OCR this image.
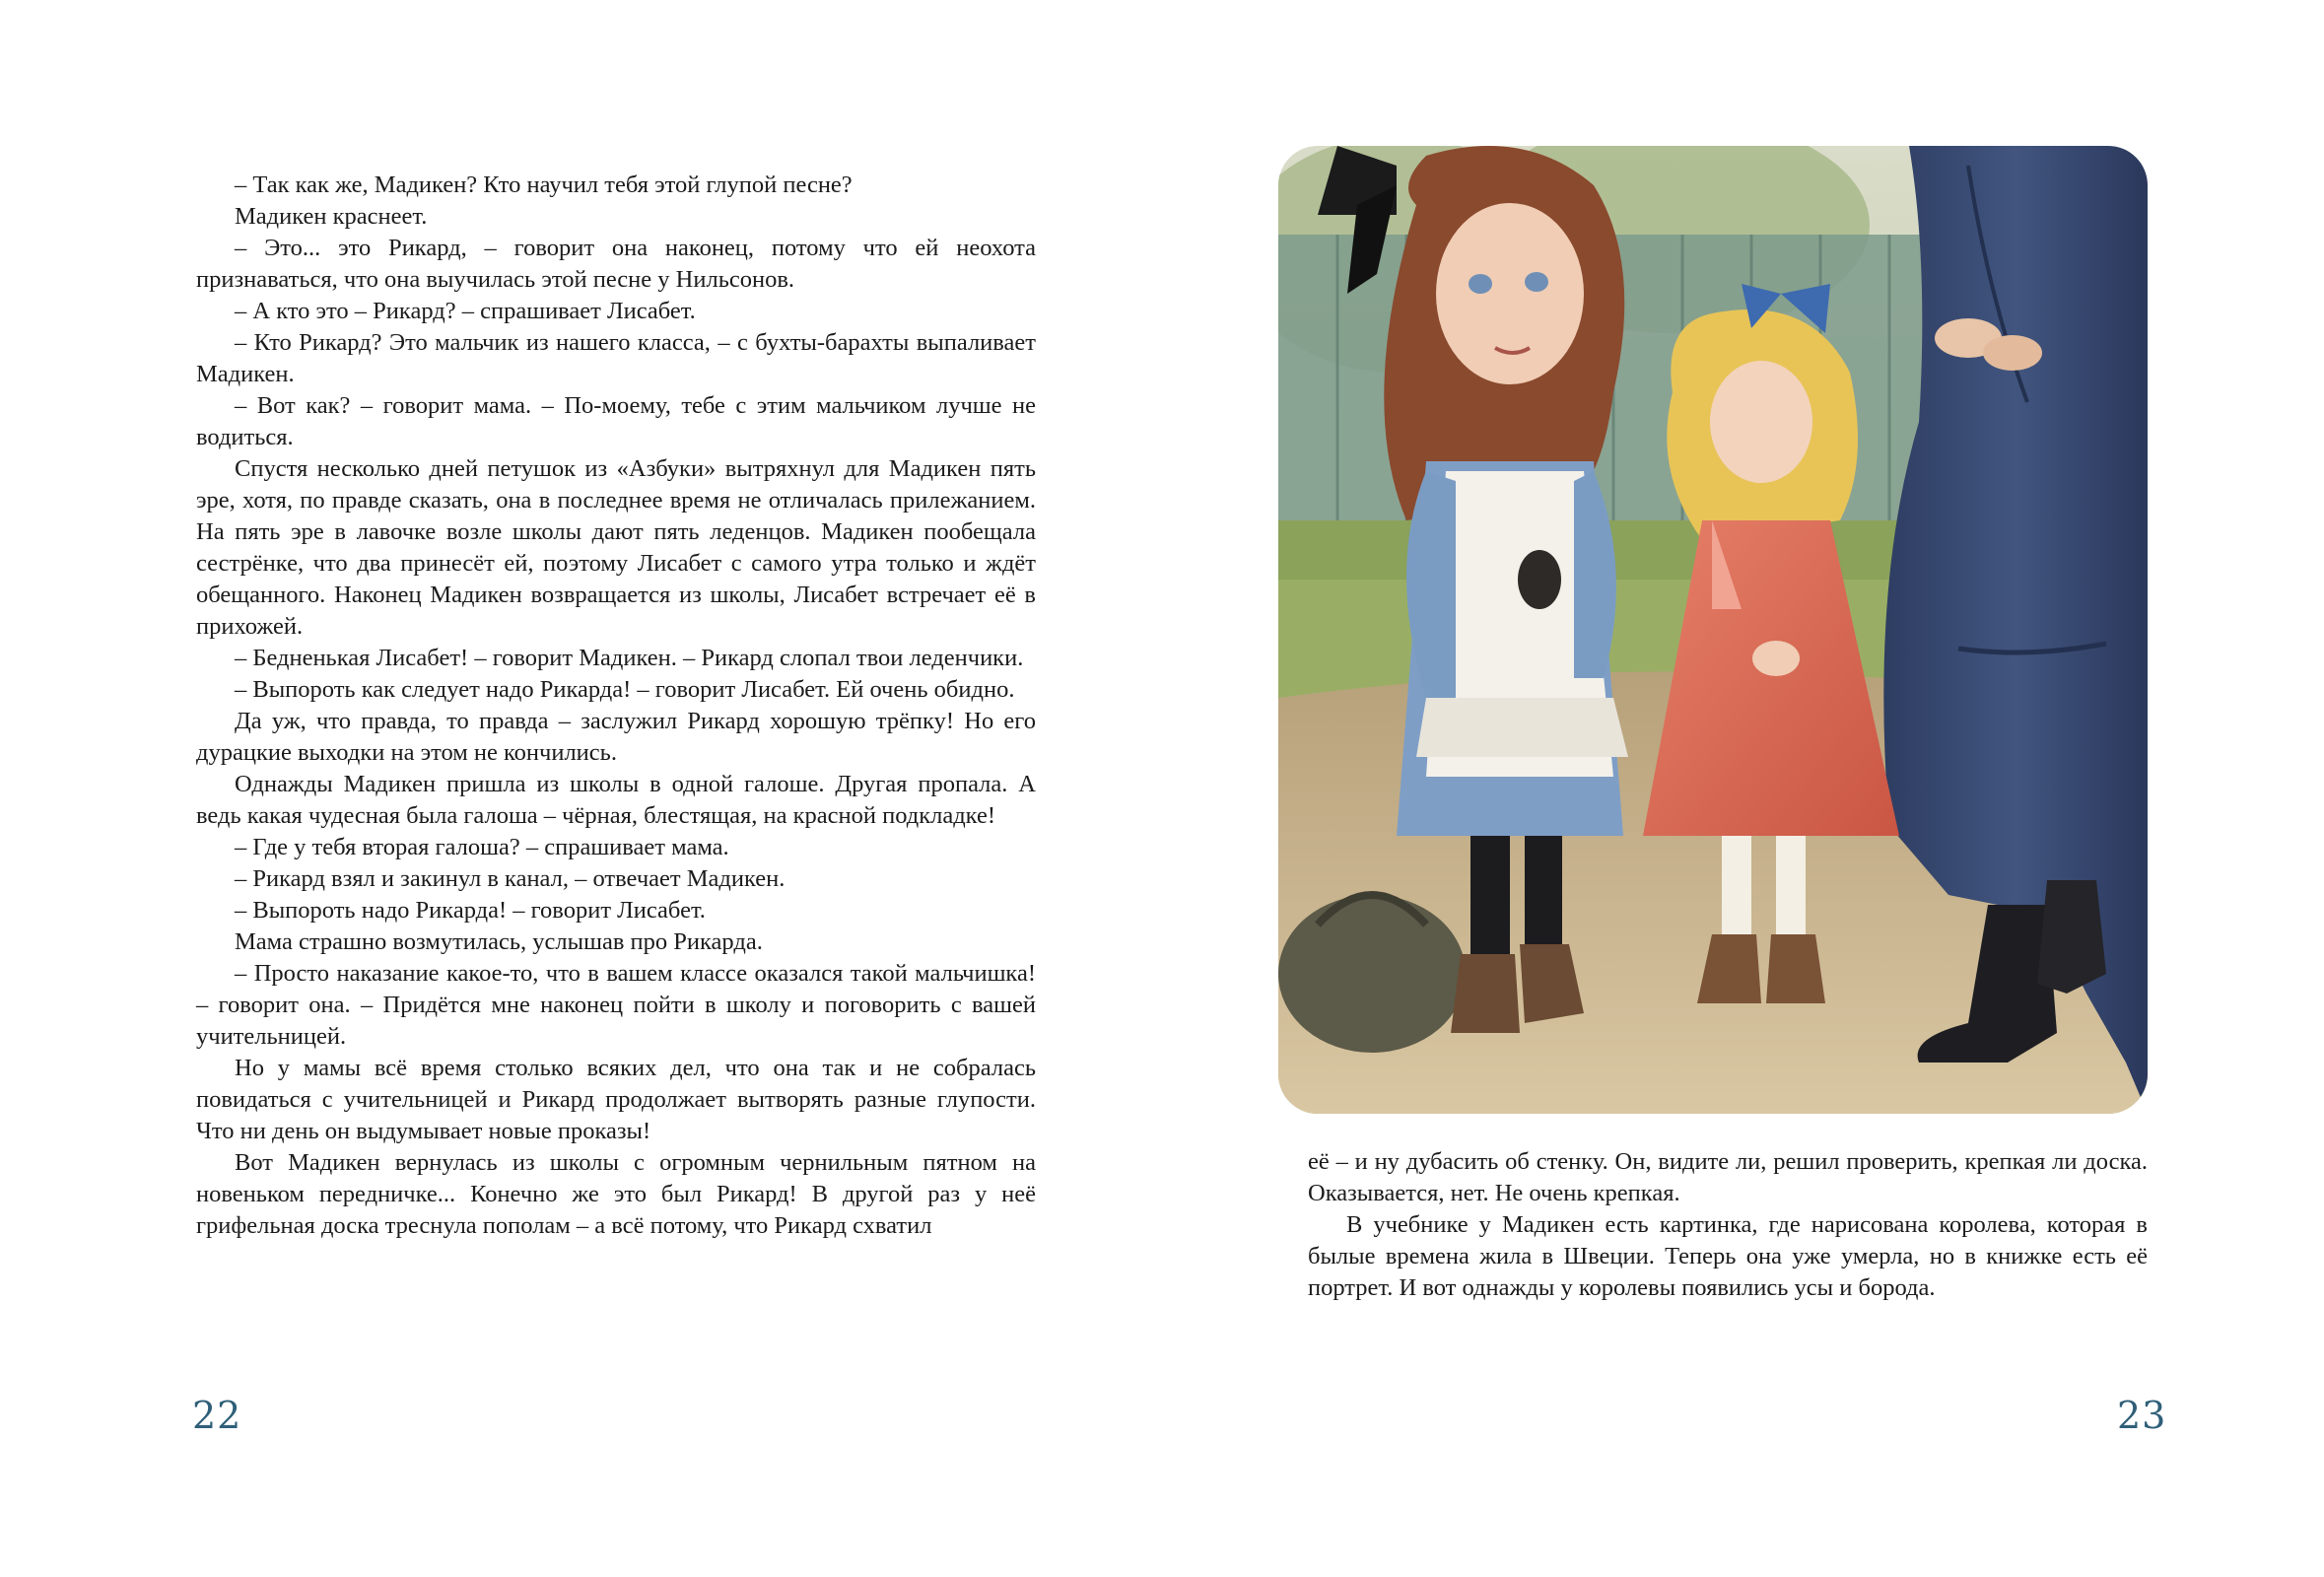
– Так как же, Мадикен? Кто научил тебя этой глупой песне?

Мадикен краснеет.

– Это... это Рикард, – говорит она наконец, потому что ей неохота признаваться, что она выучилась этой песне у Нильсонов.

– А кто это – Рикард? – спрашивает Лисабет.

– Кто Рикард? Это мальчик из нашего класса, – с бухты-барахты выпаливает Мадикен.

– Вот как? – говорит мама. – По-моему, тебе с этим мальчиком лучше не водиться.

Спустя несколько дней петушок из «Азбуки» вытряхнул для Мадикен пять эре, хотя, по правде сказать, она в последнее время не отличалась прилежанием. На пять эре в лавочке возле школы дают пять леденцов. Мадикен пообещала сестрёнке, что два принесёт ей, поэтому Лисабет с самого утра только и ждёт обещанного. Наконец Мадикен возвращается из школы, Лисабет встречает её в прихожей.

– Бедненькая Лисабет! – говорит Мадикен. – Рикард слопал твои леденчики.

– Выпороть как следует надо Рикарда! – говорит Лисабет. Ей очень обидно.

Да уж, что правда, то правда – заслужил Рикард хорошую трёпку! Но его дурацкие выходки на этом не кончились.

Однажды Мадикен пришла из школы в одной галоше. Другая пропала. А ведь какая чудесная была галоша – чёрная, блестящая, на красной подкладке!

– Где у тебя вторая галоша? – спрашивает мама.

– Рикард взял и закинул в канал, – отвечает Мадикен.

– Выпороть надо Рикарда! – говорит Лисабет.

Мама страшно возмутилась, услышав про Рикарда.

– Просто наказание какое-то, что в вашем классе оказался такой мальчишка! – говорит она. – Придётся мне наконец пойти в школу и поговорить с вашей учительницей.

Но у мамы всё время столько всяких дел, что она так и не собралась повидаться с учительницей и Рикард продолжает вытворять разные глупости. Что ни день он выдумывает новые проказы!

Вот Мадикен вернулась из школы с огромным чернильным пятном на новеньком передничке... Конечно же это был Рикард! В другой раз у неё грифельная доска треснула пополам – а всё потому, что Рикард схватил

22

её – и ну дубасить об стенку. Он, видите ли, решил проверить, крепкая ли доска. Оказывается, нет. Не очень крепкая.

В учебнике у Мадикен есть картинка, где нарисована королева, которая в былые времена жила в Швеции. Теперь она уже умерла, но в книжке есть её портрет. И вот однажды у королевы появились усы и борода.

23
